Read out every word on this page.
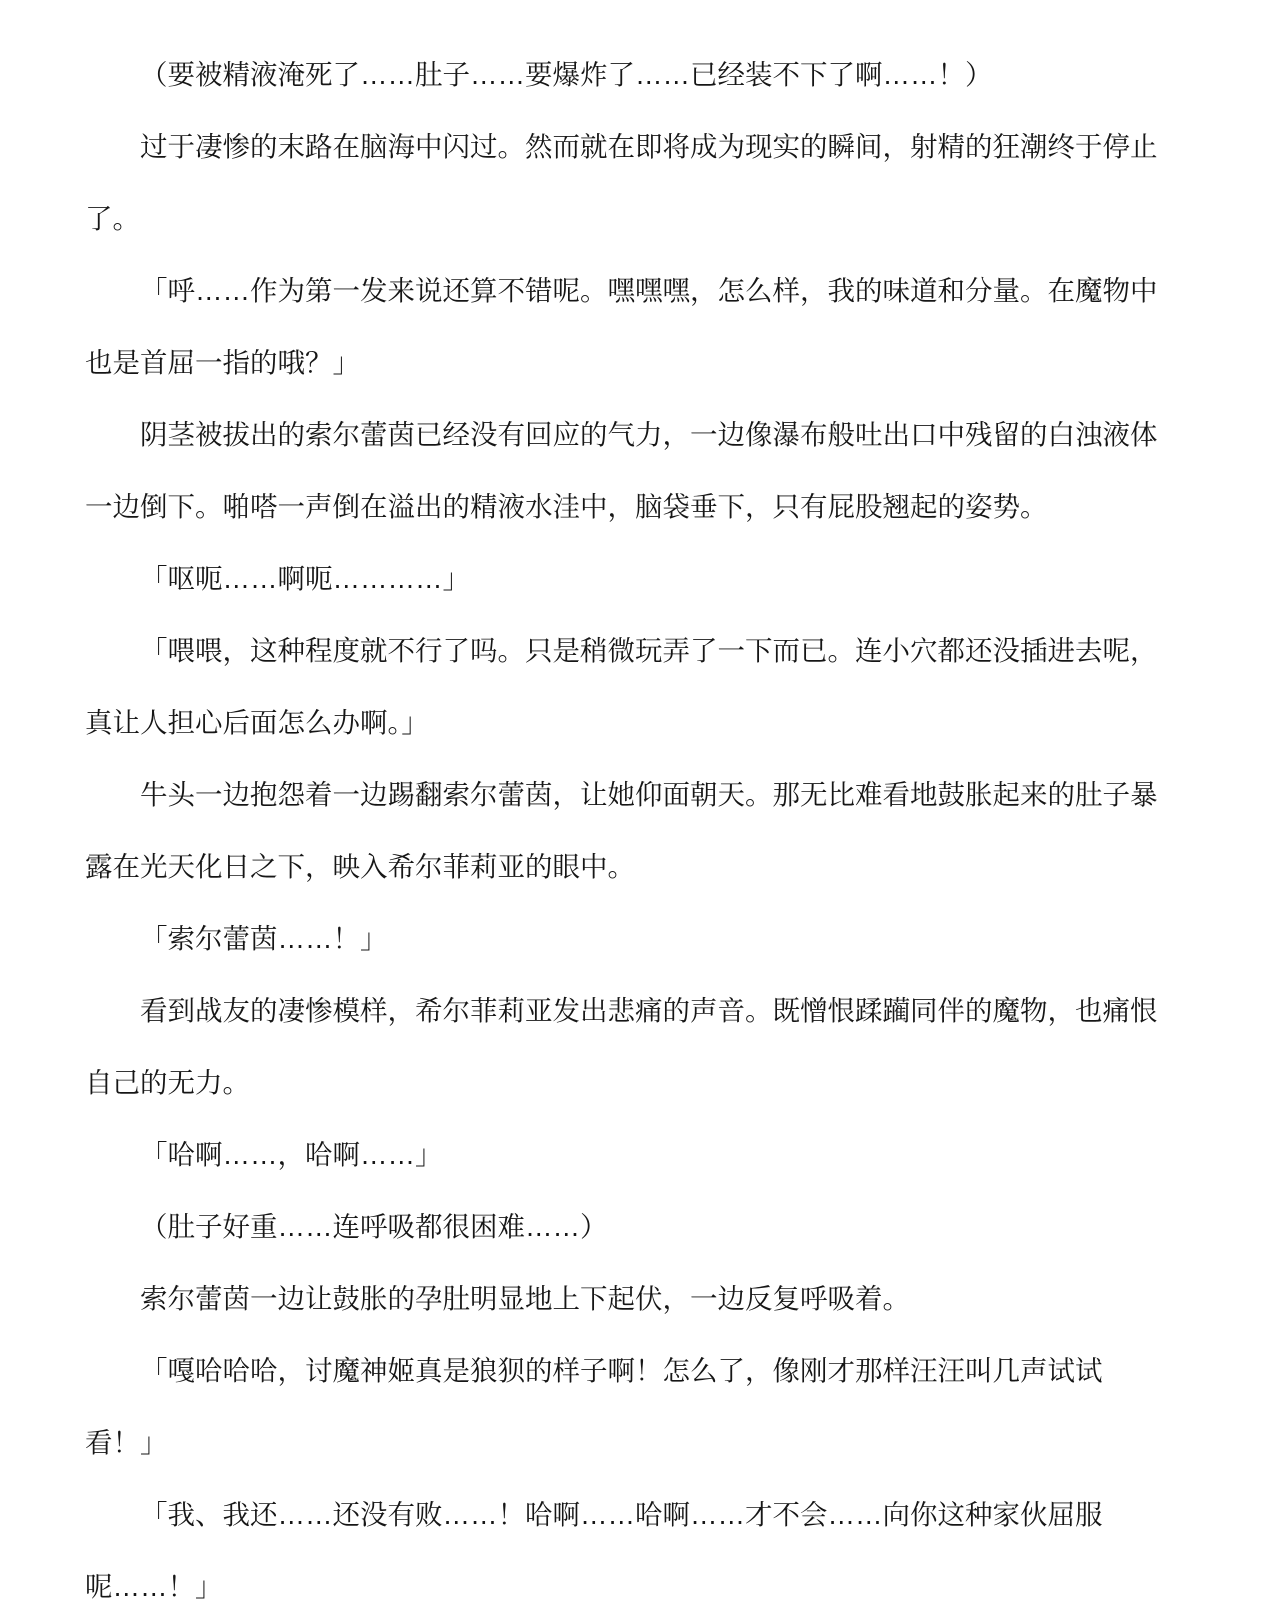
（要被精液淹死了……肚子……要爆炸了……已经装不下了啊……！）

过于凄惨的末路在脑海中闪过。然而就在即将成为现实的瞬间，射精的狂潮终于停止了。

「呼……作为第一发来说还算不错呢。嘿嘿嘿，怎么样，我的味道和分量。在魔物中也是首屈一指的哦？」

阴茎被拔出的索尔蕾茵已经没有回应的气力，一边像瀑布般吐出口中残留的白浊液体一边倒下。啪嗒一声倒在溢出的精液水洼中，脑袋垂下，只有屁股翘起的姿势。

「呕呃……啊呃…………」

「喂喂，这种程度就不行了吗。只是稍微玩弄了一下而已。连小穴都还没插进去呢，真让人担心后面怎么办啊。」

牛头一边抱怨着一边踢翻索尔蕾茵，让她仰面朝天。那无比难看地鼓胀起来的肚子暴露在光天化日之下，映入希尔菲莉亚的眼中。

「索尔蕾茵……！」

看到战友的凄惨模样，希尔菲莉亚发出悲痛的声音。既憎恨蹂躏同伴的魔物，也痛恨自己的无力。

「哈啊……，哈啊……」

（肚子好重……连呼吸都很困难……）

索尔蕾茵一边让鼓胀的孕肚明显地上下起伏，一边反复呼吸着。

「嘎哈哈哈，讨魔神姬真是狼狈的样子啊！怎么了，像刚才那样汪汪叫几声试试看！」

「我、我还……还没有败……！哈啊……哈啊……才不会……向你这种家伙屈服呢……！」
